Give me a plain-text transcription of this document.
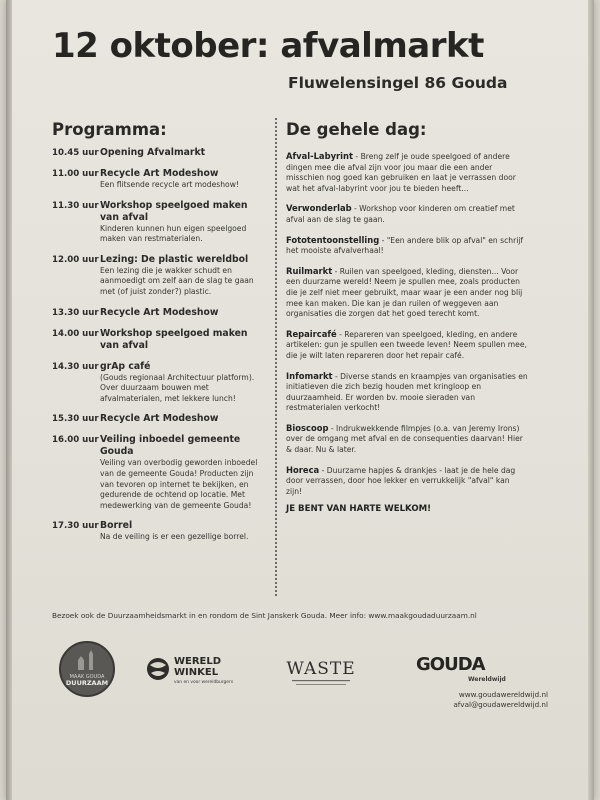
12 oktober: afvalmarkt
Fluwelensingel 86 Gouda
Programma:	De gehele dag:
10.45 uur Opening Afvalmarkt
11.00 uur Recycle Art Modeshow
Een flitsende recycle art modeshow!
11.30 uur Workshop speelgoed maken van afval
Kinderen kunnen hun eigen speelgoed maken van restmaterialen.
12.00 uur Lezing: De plastic wereldbol
Een lezing die je wakker schudt en aanmoedigt om zelf aan de slag te gaan met (of juist zonder?) plastic.
13.30 uur Recycle Art Modeshow
14.00 uur Workshop speelgoed maken van afval
14.30 uur grAp café
(Gouds regionaal Architectuur platform). Over duurzaam bouwen met afvalmaterialen, met lekkere lunch!
15.30 uur Recycle Art Modeshow
16.00 uur Veiling inboedel gemeente Gouda
Veiling van overbodig geworden inboedel van de gemeente Gouda! Producten zijn van tevoren op internet te bekijken, en gedurende de ochtend op locatie. Met medewerking van de gemeente Gouda!
17.30 uur Borrel
Na de veiling is er een gezellige borrel.
Afval-Labyrint - Breng zelf je oude speelgoed of andere dingen mee die afval zijn voor jou maar die een ander misschien nog goed kan gebruiken en laat je verrassen door wat het afval-labyrint voor jou te bieden heeft...
Verwonderlab - Workshop voor kinderen om creatief met afval aan de slag te gaan.
Fototentoonstelling - "Een andere blik op afval" en schrijf het mooiste afvalverhaal!
Ruilmarkt - Ruilen van speelgoed, kleding, diensten... Voor een duurzame wereld! Neem je spullen mee, zoals producten die je zelf niet meer gebruikt, maar waar je een ander nog blij mee kan maken. Die kan je dan ruilen of weggeven aan organisaties die zorgen dat het goed terecht komt.
Repaircafé - Repareren van speelgoed, kleding, en andere artikelen: gun je spullen een tweede leven! Neem spullen mee, die je wilt laten repareren door het repair café.
Infomarkt - Diverse stands en kraampjes van organisaties en initiatieven die zich bezig houden met kringloop en duurzaamheid. Er worden bv. mooie sieraden van restmaterialen verkocht!
Bioscoop - Indrukwekkende filmpjes (o.a. van Jeremy Irons) over de omgang met afval en de consequenties daarvan! Hier & daar. Nu & later.
Horeca - Duurzame hapjes & drankjes - laat je de hele dag door verrassen, door hoe lekker en verrukkelijk "afval" kan zijn!
JE BENT VAN HARTE WELKOM!
Bezoek ook de Duurzaamheidsmarkt in en rondom de Sint Janskerk Gouda. Meer info: www.maakgoudaduurzaam.nl
MAAK GOUDA
DUURZAAM
WERELD
WINKEL
van en voor wereldburgers
WASTE	GOUDA
Wereldwijd
www.goudawereldwijd.nl
afval@goudawereldwijd.nl
